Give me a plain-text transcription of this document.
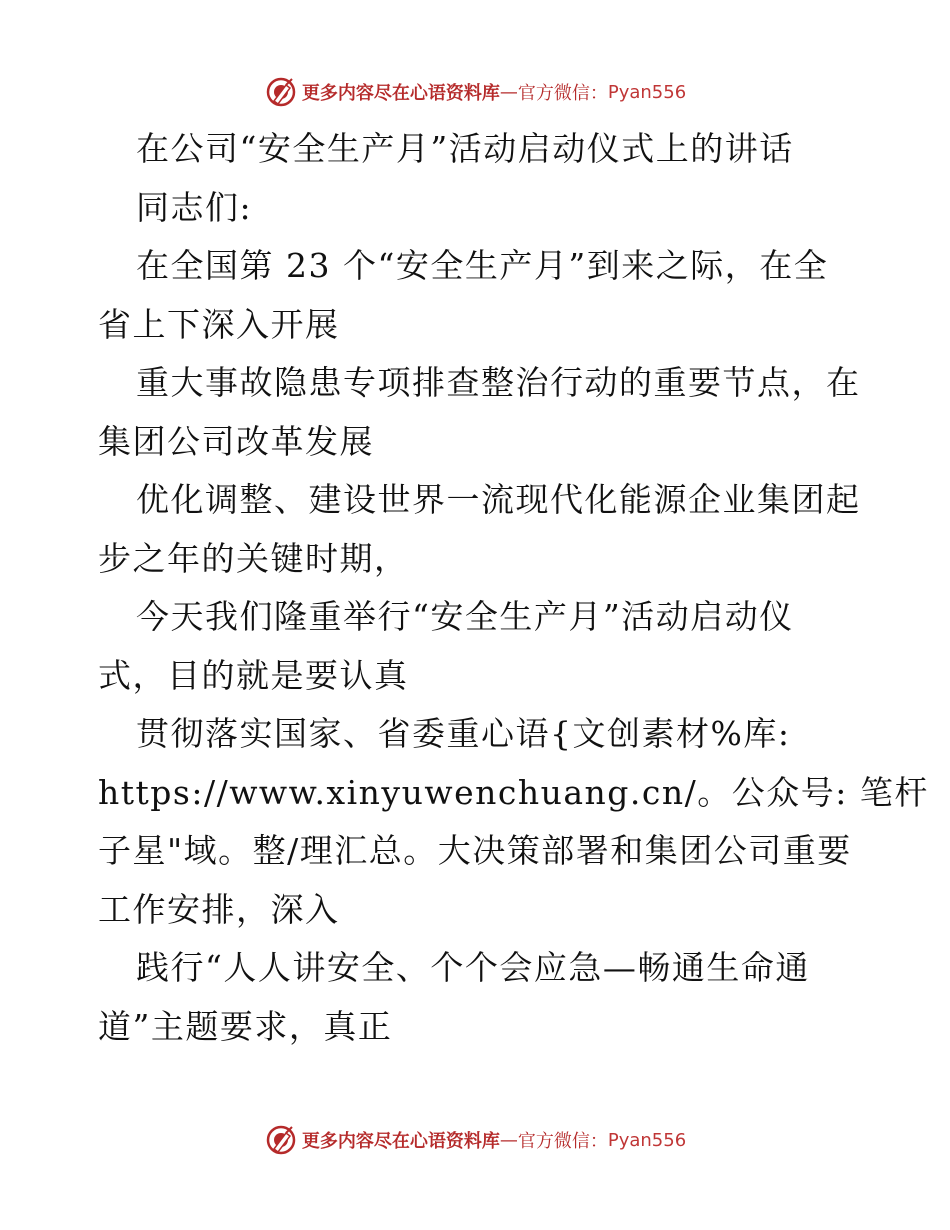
更多内容尽在心语资料库 — 官方微信： Pyan556
在公司“安全生产月”活动启动仪式上的讲话
同志们:
在全国第 23 个“安全生产月”到来之际，在全
省上下深入开展
重大事故隐患专项排查整治行动的重要节点，在
集团公司改革发展
优化调整、建设世界一流现代化能源企业集团起
步之年的关键时期，
今天我们隆重举行“安全生产月”活动启动仪
式，目的就是要认真
贯彻落实国家、省委重心语{文创素材%库:
https://www.xinyuwenchuang.cn/。公众号: 笔杆
子星"域。整/理汇总。大决策部署和集团公司重要
工作安排，深入
践行“人人讲安全、个个会应急—畅通生命通
道”主题要求，真正
更多内容尽在心语资料库 — 官方微信： Pyan556
